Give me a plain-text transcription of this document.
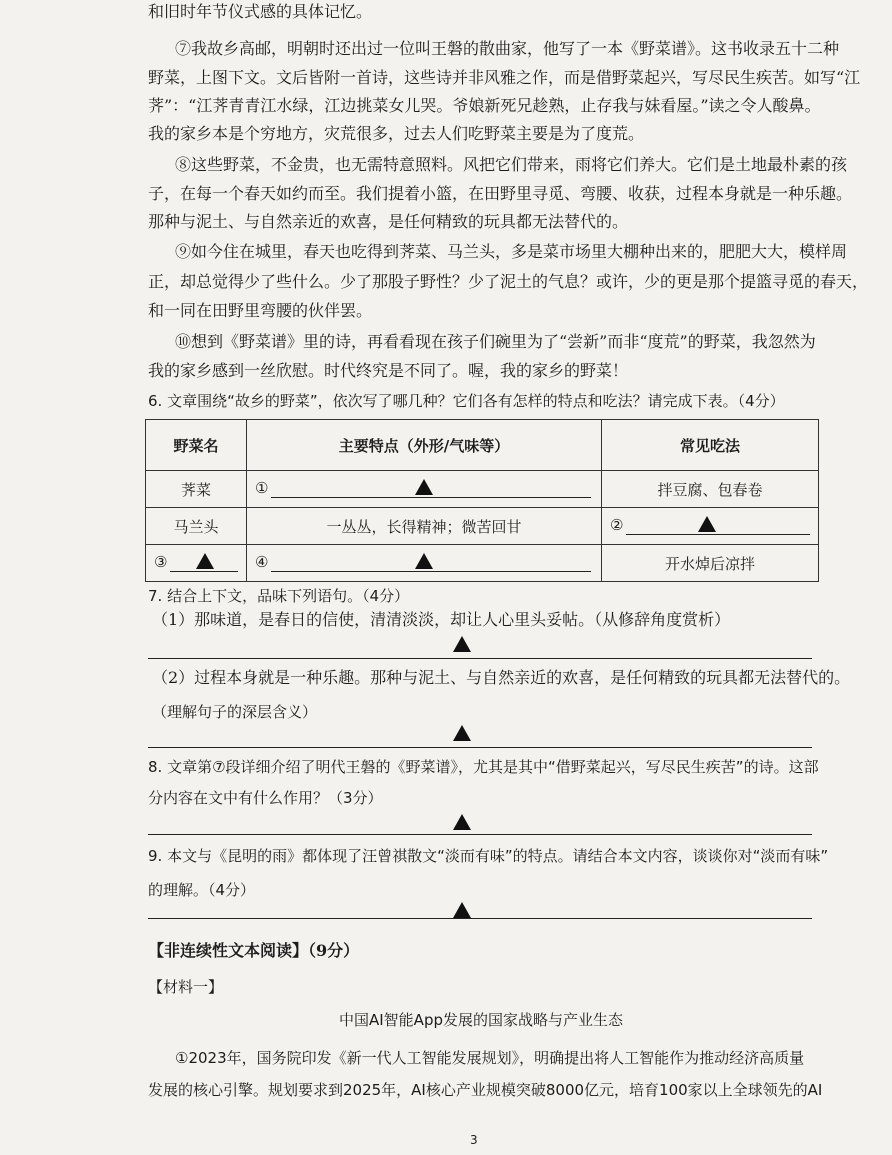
和旧时年节仪式感的具体记忆。
⑦我故乡高邮，明朝时还出过一位叫王磐的散曲家，他写了一本《野菜谱》。这书收录五十二种
野菜，上图下文。文后皆附一首诗，这些诗并非风雅之作，而是借野菜起兴，写尽民生疾苦。如写“江
荠”：“江荠青青江水绿，江边挑菜女儿哭。爷娘新死兄趁熟，止存我与妹看屋。”读之令人酸鼻。
我的家乡本是个穷地方，灾荒很多，过去人们吃野菜主要是为了度荒。
⑧这些野菜，不金贵，也无需特意照料。风把它们带来，雨将它们养大。它们是土地最朴素的孩
子，在每一个春天如约而至。我们提着小篮，在田野里寻觅、弯腰、收获，过程本身就是一种乐趣。
那种与泥土、与自然亲近的欢喜，是任何精致的玩具都无法替代的。
⑨如今住在城里，春天也吃得到荠菜、马兰头，多是菜市场里大棚种出来的，肥肥大大，模样周
正，却总觉得少了些什么。少了那股子野性？少了泥土的气息？或许，少的更是那个提篮寻觅的春天，
和一同在田野里弯腰的伙伴罢。
⑩想到《野菜谱》里的诗，再看看现在孩子们碗里为了“尝新”而非“度荒”的野菜，我忽然为
我的家乡感到一丝欣慰。时代终究是不同了。喔，我的家乡的野菜！
6. 文章围绕“故乡的野菜”，依次写了哪几种？它们各有怎样的特点和吃法？请完成下表。（4分）
野菜名	主要特点（外形/气味等）	常见吃法
荠菜	①	拌豆腐、包春卷
马兰头	一丛丛，长得精神；微苦回甘	②

③	④	开水焯后凉拌
7. 结合上下文，品味下列语句。（4分）
（1）那味道，是春日的信使，清清淡淡，却让人心里头妥帖。（从修辞角度赏析）
（2）过程本身就是一种乐趣。那种与泥土、与自然亲近的欢喜，是任何精致的玩具都无法替代的。
（理解句子的深层含义）
8. 文章第⑦段详细介绍了明代王磐的《野菜谱》，尤其是其中“借野菜起兴，写尽民生疾苦”的诗。这部
分内容在文中有什么作用？（3分）
9. 本文与《昆明的雨》都体现了汪曾祺散文“淡而有味”的特点。请结合本文内容，谈谈你对“淡而有味”
的理解。（4分）
【非连续性文本阅读】（9分）
【材料一】
中国AI智能App发展的国家战略与产业生态
①2023年，国务院印发《新一代人工智能发展规划》，明确提出将人工智能作为推动经济高质量
发展的核心引擎。规划要求到2025年，AI核心产业规模突破8000亿元，培育100家以上全球领先的AI
3
